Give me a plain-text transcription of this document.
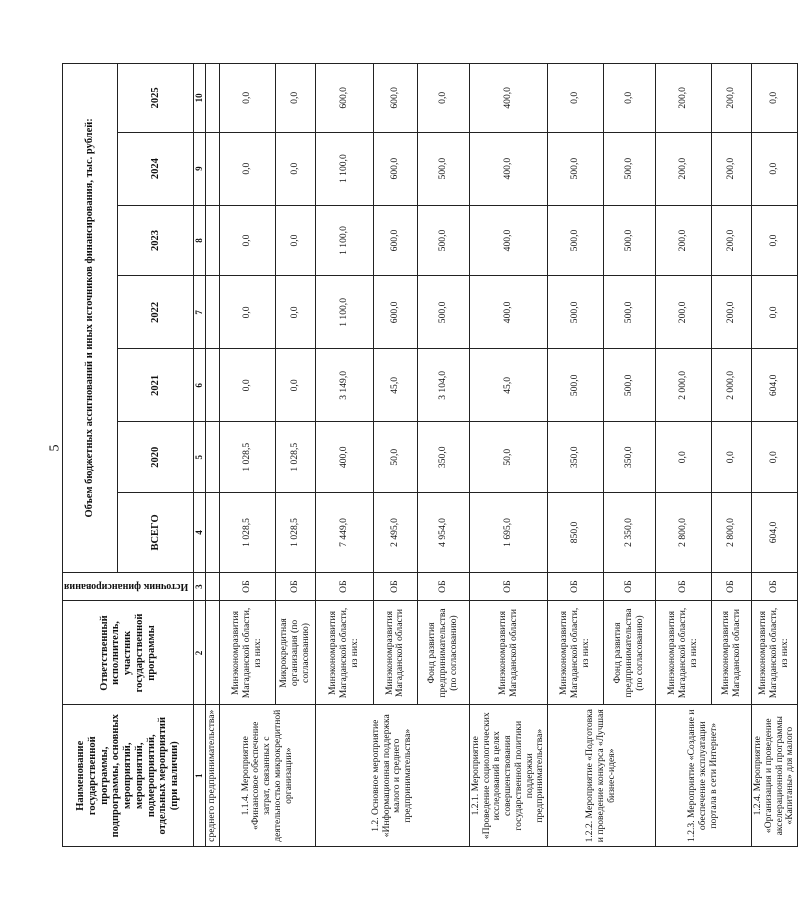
5
Наименование государственной программы, подпрограммы, основных мероприятий, мероприятий, подмероприятий, отдельных мероприятий (при наличии)	Ответственный исполнитель, участник государственной программы	Источник финансирования	Объем бюджетных ассигнований и иных источников финансирования, тыс. рублей:						
			ВСЕГО	2020	2021	2022	2023	2024	2025
1	2	3	4	5	6	7	8	9	10
среднего предпринимательства»									
1.1.4. Мероприятие «Финансовое обеспечение затрат, связанных с деятельностью микрокредитной организации»	Минэкономразвития Магаданской области, из них:	ОБ	1 028,5	1 028,5	0,0	0,0	0,0	0,0	0,0
	Микрокредитная организация (по согласованию)	ОБ	1 028,5	1 028,5	0,0	0,0	0,0	0,0	0,0
1.2. Основное мероприятие «Информационная поддержка малого и среднего предпринимательства»	Минэкономразвития Магаданской области, из них:	ОБ	7 449,0	400,0	3 149,0	1 100,0	1 100,0	1 100,0	600,0
	Минэкономразвития Магаданской области	ОБ	2 495,0	50,0	45,0	600,0	600,0	600,0	600,0
	Фонд развития предпринимательства (по согласованию)	ОБ	4 954,0	350,0	3 104,0	500,0	500,0	500,0	0,0
1.2.1. Мероприятие «Проведение социологических исследований в целях совершенствования государственной политики поддержки предпринимательства»	Минэкономразвития Магаданской области	ОБ	1 695,0	50,0	45,0	400,0	400,0	400,0	400,0
1.2.2. Мероприятие «Подготовка и проведение конкурса «Лучшая бизнес-идея»	Минэкономразвития Магаданской области, из них:	ОБ	850,0	350,0	500,0	500,0	500,0	500,0	0,0
	Фонд развития предпринимательства (по согласованию)	ОБ	2 350,0	350,0	500,0	500,0	500,0	500,0	0,0
1.2.3. Мероприятие «Создание и обеспечение эксплуатации портала в сети Интернет»	Минэкономразвития Магаданской области, из них:	ОБ	2 800,0	0,0	2 000,0	200,0	200,0	200,0	200,0
	Минэкономразвития Магаданской области	ОБ	2 800,0	0,0	2 000,0	200,0	200,0	200,0	200,0
1.2.4. Мероприятие «Организация и проведение акселерационной программы «Капитаны» для малого	Минэкономразвития Магаданской области, из них:	ОБ	604,0	0,0	604,0	0,0	0,0	0,0	0,0
